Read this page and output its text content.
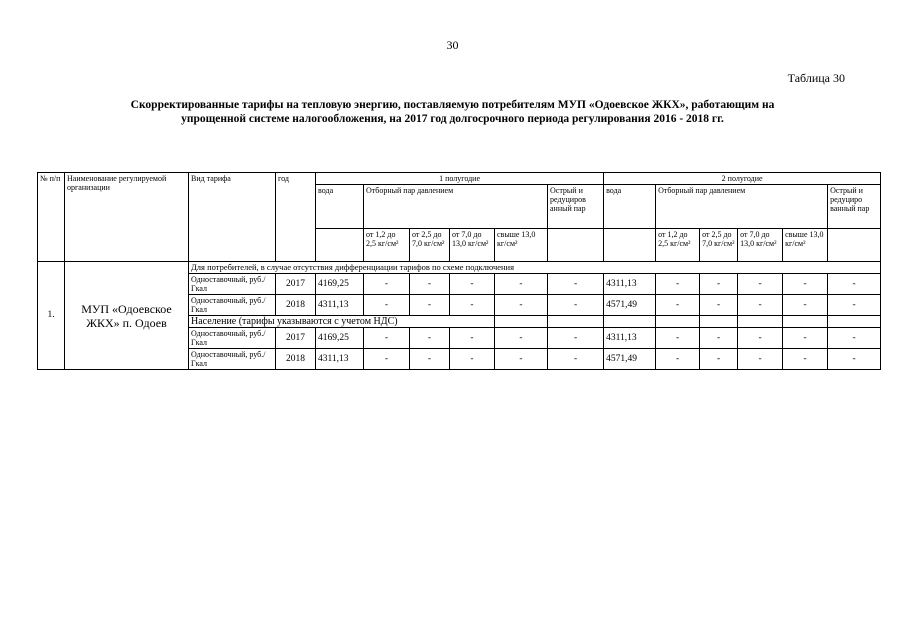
30
Таблица 30
Скорректированные тарифы на тепловую энергию, поставляемую потребителям МУП «Одоевское ЖКХ», работающим на
упрощенной системе налогообложения, на 2017 год долгосрочного периода регулирования 2016 - 2018 гг.
№ п/п	Наименование регулируемой организации	Вид тарифа	год	1 полугодие						2 полугодие					
				вода	Отборный пар давлением				Острый и редуциров анный пар	вода	Отборный пар давлением				Острый и редуциро ванный пар
					от 1,2 до 2,5 кг/см²	от 2,5 до 7,0 кг/см²	от 7,0 до 13,0 кг/см²	свыше 13,0 кг/см²			от 1,2 до 2,5 кг/см²	от 2,5 до 7,0 кг/см²	от 7,0 до 13,0 кг/см²	свыше 13,0 кг/см²	
1.	МУП «Одоевское ЖКХ» п. Одоев	Для потребителей, в случае отсутствия дифференциации тарифов по схеме подключения													
		Одноставочный, руб./Гкал	2017	4169,25	-	-	-	-	-	4311,13	-	-	-	-	-
		Одноставочный, руб./Гкал	2018	4311,13	-	-	-	-	-	4571,49	-	-	-	-	-
		Население (тарифы указываются с учетом НДС)													
		Одноставочный, руб./Гкал	2017	4169,25	-	-	-	-	-	4311,13	-	-	-	-	-
		Одноставочный, руб./Гкал	2018	4311,13	-	-	-	-	-	4571,49	-	-	-	-	-
